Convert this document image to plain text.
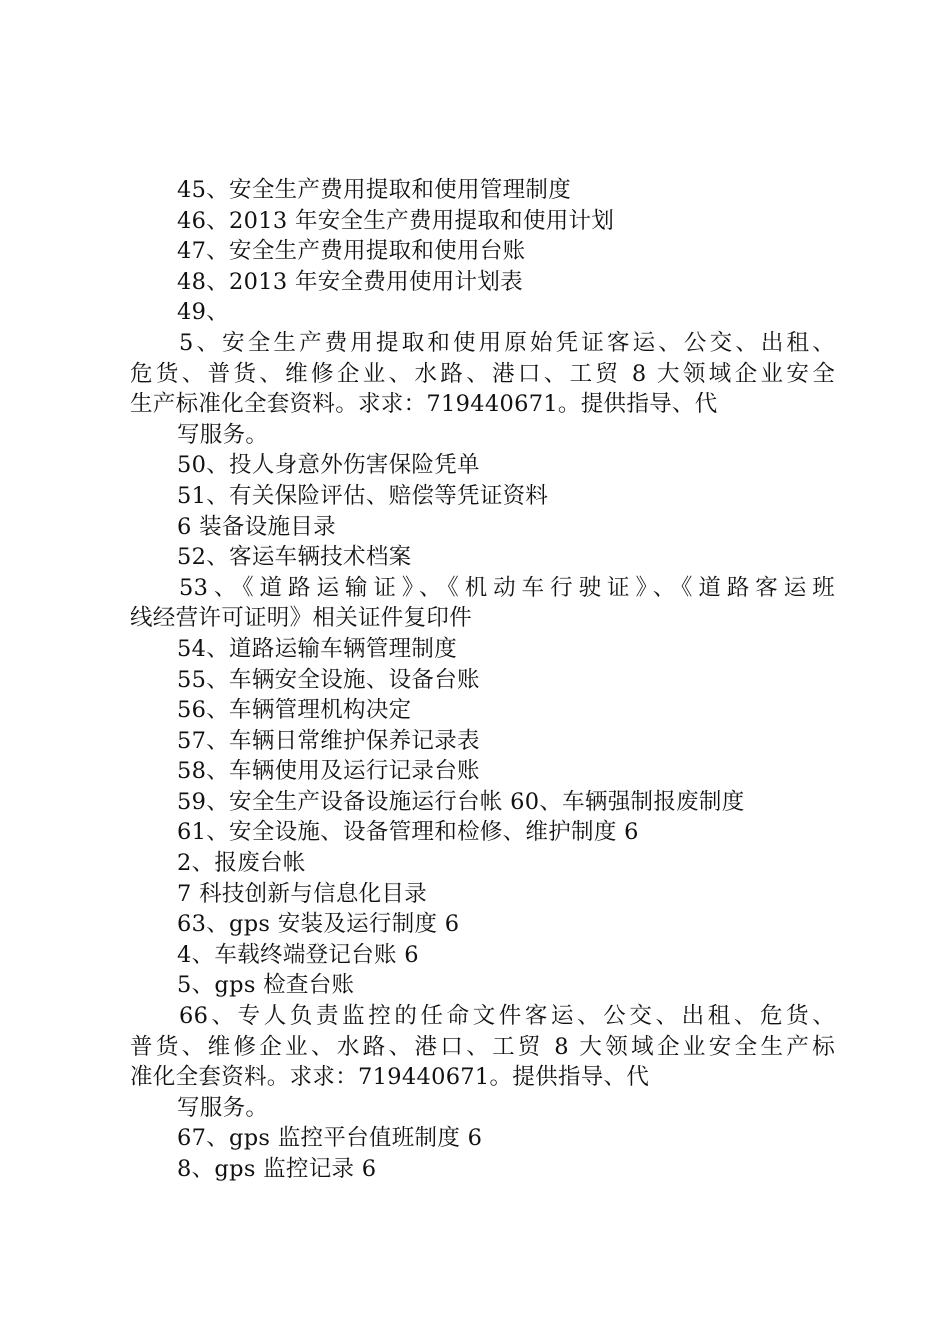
45、安全生产费用提取和使用管理制度
46、2013 年安全生产费用提取和使用计划
47、安全生产费用提取和使用台账
48、2013 年安全费用使用计划表
49、
5、安全生产费用提取和使用原始凭证客运、公交、出租、
危货、普货、维修企业、水路、港口、工贸 8 大领域企业安全
生产标准化全套资料。求求：719440671。提供指导、代
写服务。
50、投人身意外伤害保险凭单
51、有关保险评估、赔偿等凭证资料
6 装备设施目录
52、客运车辆技术档案
53、《道路运输证》、《机动车行驶证》、《道路客运班
线经营许可证明》相关证件复印件
54、道路运输车辆管理制度
55、车辆安全设施、设备台账
56、车辆管理机构决定
57、车辆日常维护保养记录表
58、车辆使用及运行记录台账
59、安全生产设备设施运行台帐 60、车辆强制报废制度
61、安全设施、设备管理和检修、维护制度 6
2、报废台帐
7 科技创新与信息化目录
63、gps 安装及运行制度 6
4、车载终端登记台账 6
5、gps 检查台账
66、专人负责监控的任命文件客运、公交、出租、危货、
普货、维修企业、水路、港口、工贸 8 大领域企业安全生产标
准化全套资料。求求：719440671。提供指导、代
写服务。
67、gps 监控平台值班制度 6
8、gps 监控记录 6
